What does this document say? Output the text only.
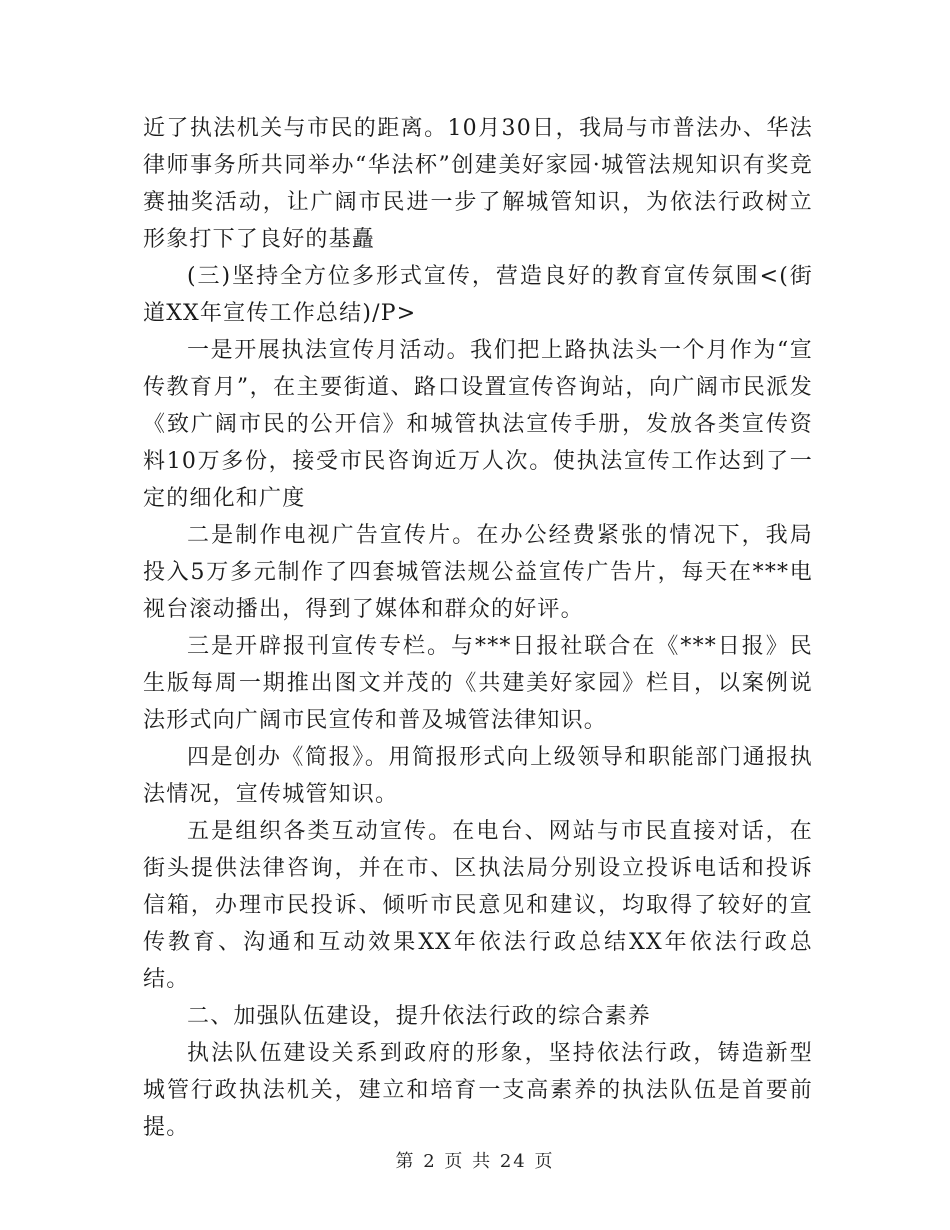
近了执法机关与市民的距离。10月30日，我局与市普法办、华法律师事务所共同举办“华法杯”创建美好家园·城管法规知识有奖竞赛抽奖活动，让广阔市民进一步了解城管知识，为依法行政树立形象打下了良好的基矗

(三)坚持全方位多形式宣传，营造良好的教育宣传氛围<(街道XX年宣传工作总结)/P>

一是开展执法宣传月活动。我们把上路执法头一个月作为“宣传教育月”，在主要街道、路口设置宣传咨询站，向广阔市民派发《致广阔市民的公开信》和城管执法宣传手册，发放各类宣传资料10万多份，接受市民咨询近万人次。使执法宣传工作达到了一定的细化和广度

二是制作电视广告宣传片。在办公经费紧张的情况下，我局投入5万多元制作了四套城管法规公益宣传广告片，每天在***电视台滚动播出，得到了媒体和群众的好评。

三是开辟报刊宣传专栏。与***日报社联合在《***日报》民生版每周一期推出图文并茂的《共建美好家园》栏目，以案例说法形式向广阔市民宣传和普及城管法律知识。

四是创办《简报》。用简报形式向上级领导和职能部门通报执法情况，宣传城管知识。

五是组织各类互动宣传。在电台、网站与市民直接对话，在街头提供法律咨询，并在市、区执法局分别设立投诉电话和投诉信箱，办理市民投诉、倾听市民意见和建议，均取得了较好的宣传教育、沟通和互动效果XX年依法行政总结XX年依法行政总结。

二、加强队伍建设，提升依法行政的综合素养

执法队伍建设关系到政府的形象，坚持依法行政，铸造新型城管行政执法机关，建立和培育一支高素养的执法队伍是首要前提。

第 2 页 共 24 页
